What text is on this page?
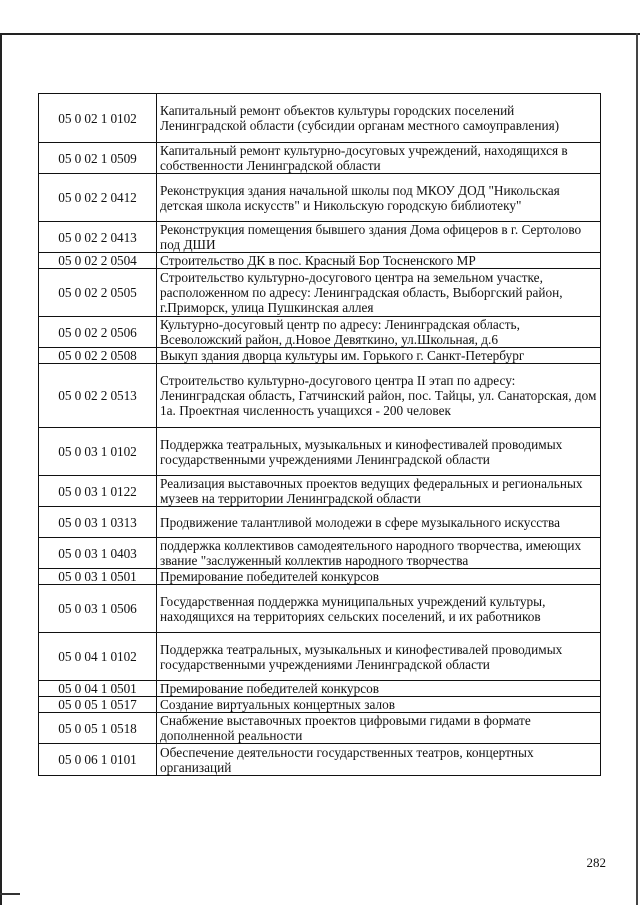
05 0 02 1 0102	Капитальный ремонт объектов культуры городских поселений Ленинградской области (субсидии органам местного самоуправления)
05 0 02 1 0509	Капитальный ремонт культурно-досуговых учреждений, находящихся в собственности Ленинградской области
05 0 02 2 0412	Реконструкция здания начальной школы под МКОУ ДОД "Никольская детская школа искусств" и Никольскую городскую библиотеку"
05 0 02 2 0413	Реконструкция помещения бывшего здания Дома офицеров в г. Сертолово под ДШИ
05 0 02 2 0504	Строительство ДК в пос. Красный Бор Тосненского МР
05 0 02 2 0505	Строительство культурно-досугового центра на земельном участке, расположенном по адресу: Ленинградская область, Выборгский район, г.Приморск, улица Пушкинская аллея
05 0 02 2 0506	Культурно-досуговый центр по адресу: Ленинградская область, Всеволожский район, д.Новое Девяткино, ул.Школьная, д.6
05 0 02 2 0508	Выкуп здания дворца культуры им. Горького г. Санкт-Петербург
05 0 02 2 0513	Строительство культурно-досугового центра II этап по адресу: Ленинградская область, Гатчинский район, пос. Тайцы, ул. Санаторская, дом 1а. Проектная численность учащихся - 200 человек
05 0 03 1 0102	Поддержка театральных, музыкальных и кинофестивалей проводимых государственными учреждениями Ленинградской области
05 0 03 1 0122	Реализация выставочных проектов ведущих федеральных и региональных музеев на территории Ленинградской области
05 0 03 1 0313	Продвижение талантливой молодежи в сфере музыкального искусства
05 0 03 1 0403	поддержка коллективов самодеятельного народного творчества, имеющих звание "заслуженный коллектив народного творчества
05 0 03 1 0501	Премирование победителей конкурсов
05 0 03 1 0506	Государственная поддержка муниципальных учреждений культуры, находящихся на территориях сельских поселений, и их работников
05 0 04 1 0102	Поддержка театральных, музыкальных и кинофестивалей проводимых государственными учреждениями Ленинградской области
05 0 04 1 0501	Премирование победителей конкурсов
05 0 05 1 0517	Создание виртуальных концертных залов
05 0 05 1 0518	Снабжение выставочных проектов цифровыми гидами в формате дополненной реальности
05 0 06 1 0101	Обеспечение деятельности государственных театров, концертных организаций
282
